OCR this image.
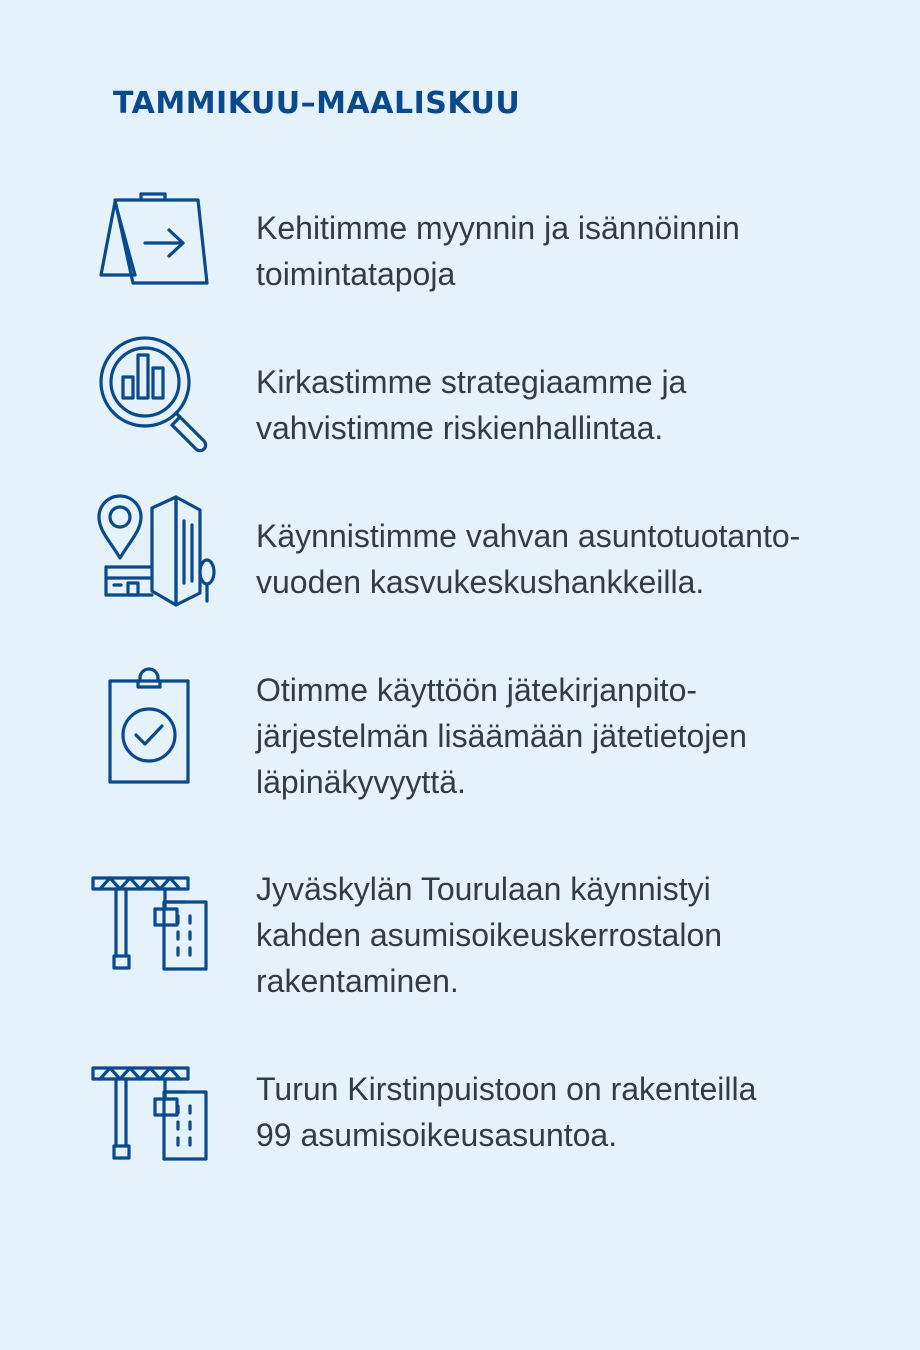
TAMMIKUU–MAALISKUU

Kehitimme myynnin ja isännöinnin
toimintatapoja

Kirkastimme strategiaamme ja
vahvistimme riskienhallintaa.

Käynnistimme vahvan asuntotuotanto-
vuoden kasvukeskushankkeilla.

Otimme käyttöön jätekirjanpito-
järjestelmän lisäämään jätetietojen
läpinäkyvyyttä.

Jyväskylän Tourulaan käynnistyi
kahden asumisoikeuskerrostalon
rakentaminen.

Turun Kirstinpuistoon on rakenteilla
99 asumisoikeusasuntoa.
